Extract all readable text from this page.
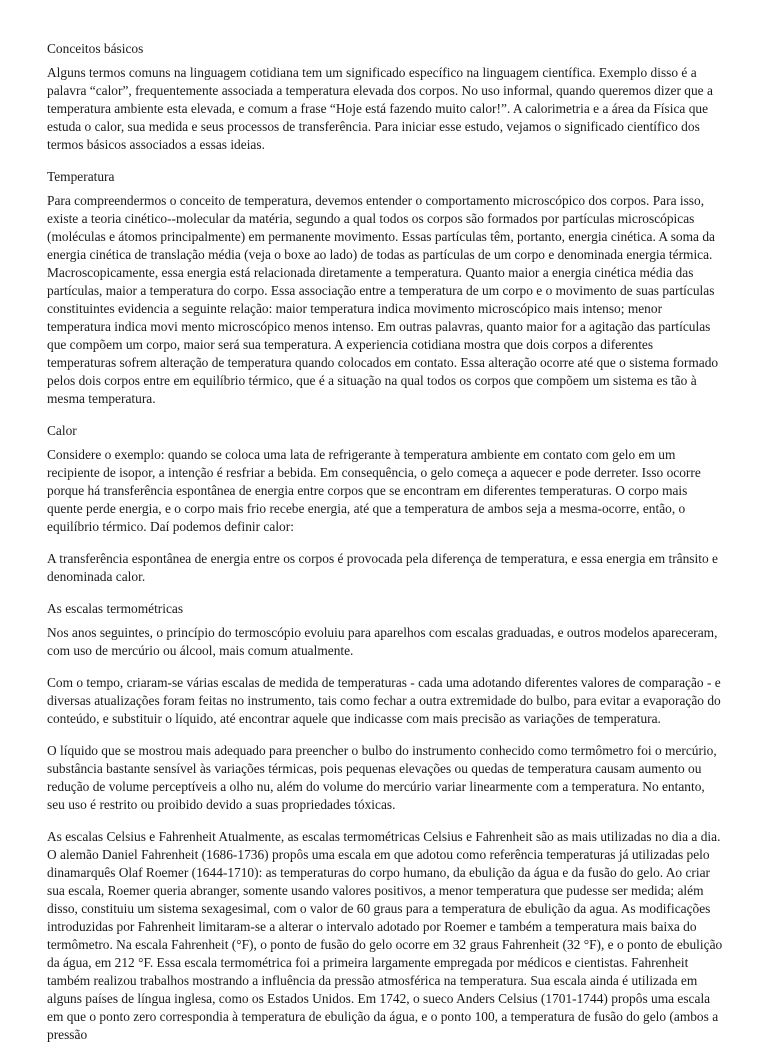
Conceitos básicos

Alguns termos comuns na linguagem cotidiana tem um significado específico na linguagem científica. Exemplo disso é a palavra “calor”, frequentemente associada a temperatura elevada dos corpos. No uso informal, quando queremos dizer que a temperatura ambiente esta elevada, e comum a frase “Hoje está fazendo muito calor!”. A calorimetria e a área da Física que estuda o calor, sua medida e seus processos de transferência. Para iniciar esse estudo, vejamos o significado científico dos termos básicos associados a essas ideias.

Temperatura

Para compreendermos o conceito de temperatura, devemos entender o comportamento microscópico dos corpos. Para isso, existe a teoria cinético--molecular da matéria, segundo a qual todos os corpos são formados por partículas microscópicas (moléculas e átomos principalmente) em permanente movimento. Essas partículas têm, portanto, energia cinética. A soma da energia cinética de translação média (veja o boxe ao lado) de todas as partículas de um corpo e denominada energia térmica. Macroscopicamente, essa energia está relacionada diretamente a temperatura. Quanto maior a energia cinética média das partículas, maior a temperatura do corpo. Essa associação entre a temperatura de um corpo e o movimento de suas partículas constituintes evidencia a seguinte relação: maior temperatura indica movimento microscópico mais intenso; menor temperatura indica movi mento microscópico menos intenso. Em outras palavras, quanto maior for a agitação das partículas que compõem um corpo, maior será sua temperatura. A experiencia cotidiana mostra que dois corpos a diferentes temperaturas sofrem alteração de temperatura quando colocados em contato. Essa alteração ocorre até que o sistema formado pelos dois corpos entre em equilíbrio térmico, que é a situação na qual todos os corpos que compõem um sistema es tão à mesma temperatura.

Calor

Considere o exemplo: quando se coloca uma lata de refrigerante à temperatura ambiente em contato com gelo em um recipiente de isopor, a intenção é resfriar a bebida. Em consequência, o gelo começa a aquecer e pode derreter. Isso ocorre porque há transferência espontânea de energia entre corpos que se encontram em diferentes temperaturas. O corpo mais quente perde energia, e o corpo mais frio recebe energia, até que a temperatura de ambos seja a mesma-ocorre, então, o equilíbrio térmico. Daí podemos definir calor:

A transferência espontânea de energia entre os corpos é provocada pela diferença de temperatura, e essa energia em trânsito e denominada calor.

As escalas termométricas

Nos anos seguintes, o princípio do termoscópio evoluiu para aparelhos com escalas graduadas, e outros modelos apareceram, com uso de mercúrio ou álcool, mais comum atualmente.

Com o tempo, criaram-se várias escalas de medida de temperaturas - cada uma adotando diferentes valores de comparação - e diversas atualizações foram feitas no instrumento, tais como fechar a outra extremidade do bulbo, para evitar a evaporação do conteúdo, e substituir o líquido, até encontrar aquele que indicasse com mais precisão as variações de temperatura.

O líquido que se mostrou mais adequado para preencher o bulbo do instrumento conhecido como termômetro foi o mercúrio, substância bastante sensível às variações térmicas, pois pequenas elevações ou quedas de temperatura causam aumento ou redução de volume perceptíveis a olho nu, além do volume do mercúrio variar linearmente com a temperatura. No entanto, seu uso é restrito ou proibido devido a suas propriedades tóxicas.

As escalas Celsius e Fahrenheit Atualmente, as escalas termométricas Celsius e Fahrenheit são as mais utilizadas no dia a dia. O alemão Daniel Fahrenheit (1686-1736) propôs uma escala em que adotou como referência temperaturas já utilizadas pelo dinamarquês Olaf Roemer (1644-1710): as temperaturas do corpo humano, da ebulição da água e da fusão do gelo. Ao criar sua escala, Roemer queria abranger, somente usando valores positivos, a menor temperatura que pudesse ser medida; além disso, constituiu um sistema sexagesimal, com o valor de 60 graus para a temperatura de ebulição da agua. As modificações introduzidas por Fahrenheit limitaram-se a alterar o intervalo adotado por Roemer e também a temperatura mais baixa do termômetro. Na escala Fahrenheit (°F), o ponto de fusão do gelo ocorre em 32 graus Fahrenheit (32 °F), e o ponto de ebulição da água, em 212 °F. Essa escala termométrica foi a primeira largamente empregada por médicos e cientistas. Fahrenheit também realizou trabalhos mostrando a influência da pressão atmosférica na temperatura. Sua escala ainda é utilizada em alguns países de língua inglesa, como os Estados Unidos. Em 1742, o sueco Anders Celsius (1701-1744) propôs uma escala em que o ponto zero correspondia à temperatura de ebulição da água, e o ponto 100, a temperatura de fusão do gelo (ambos a pressão
